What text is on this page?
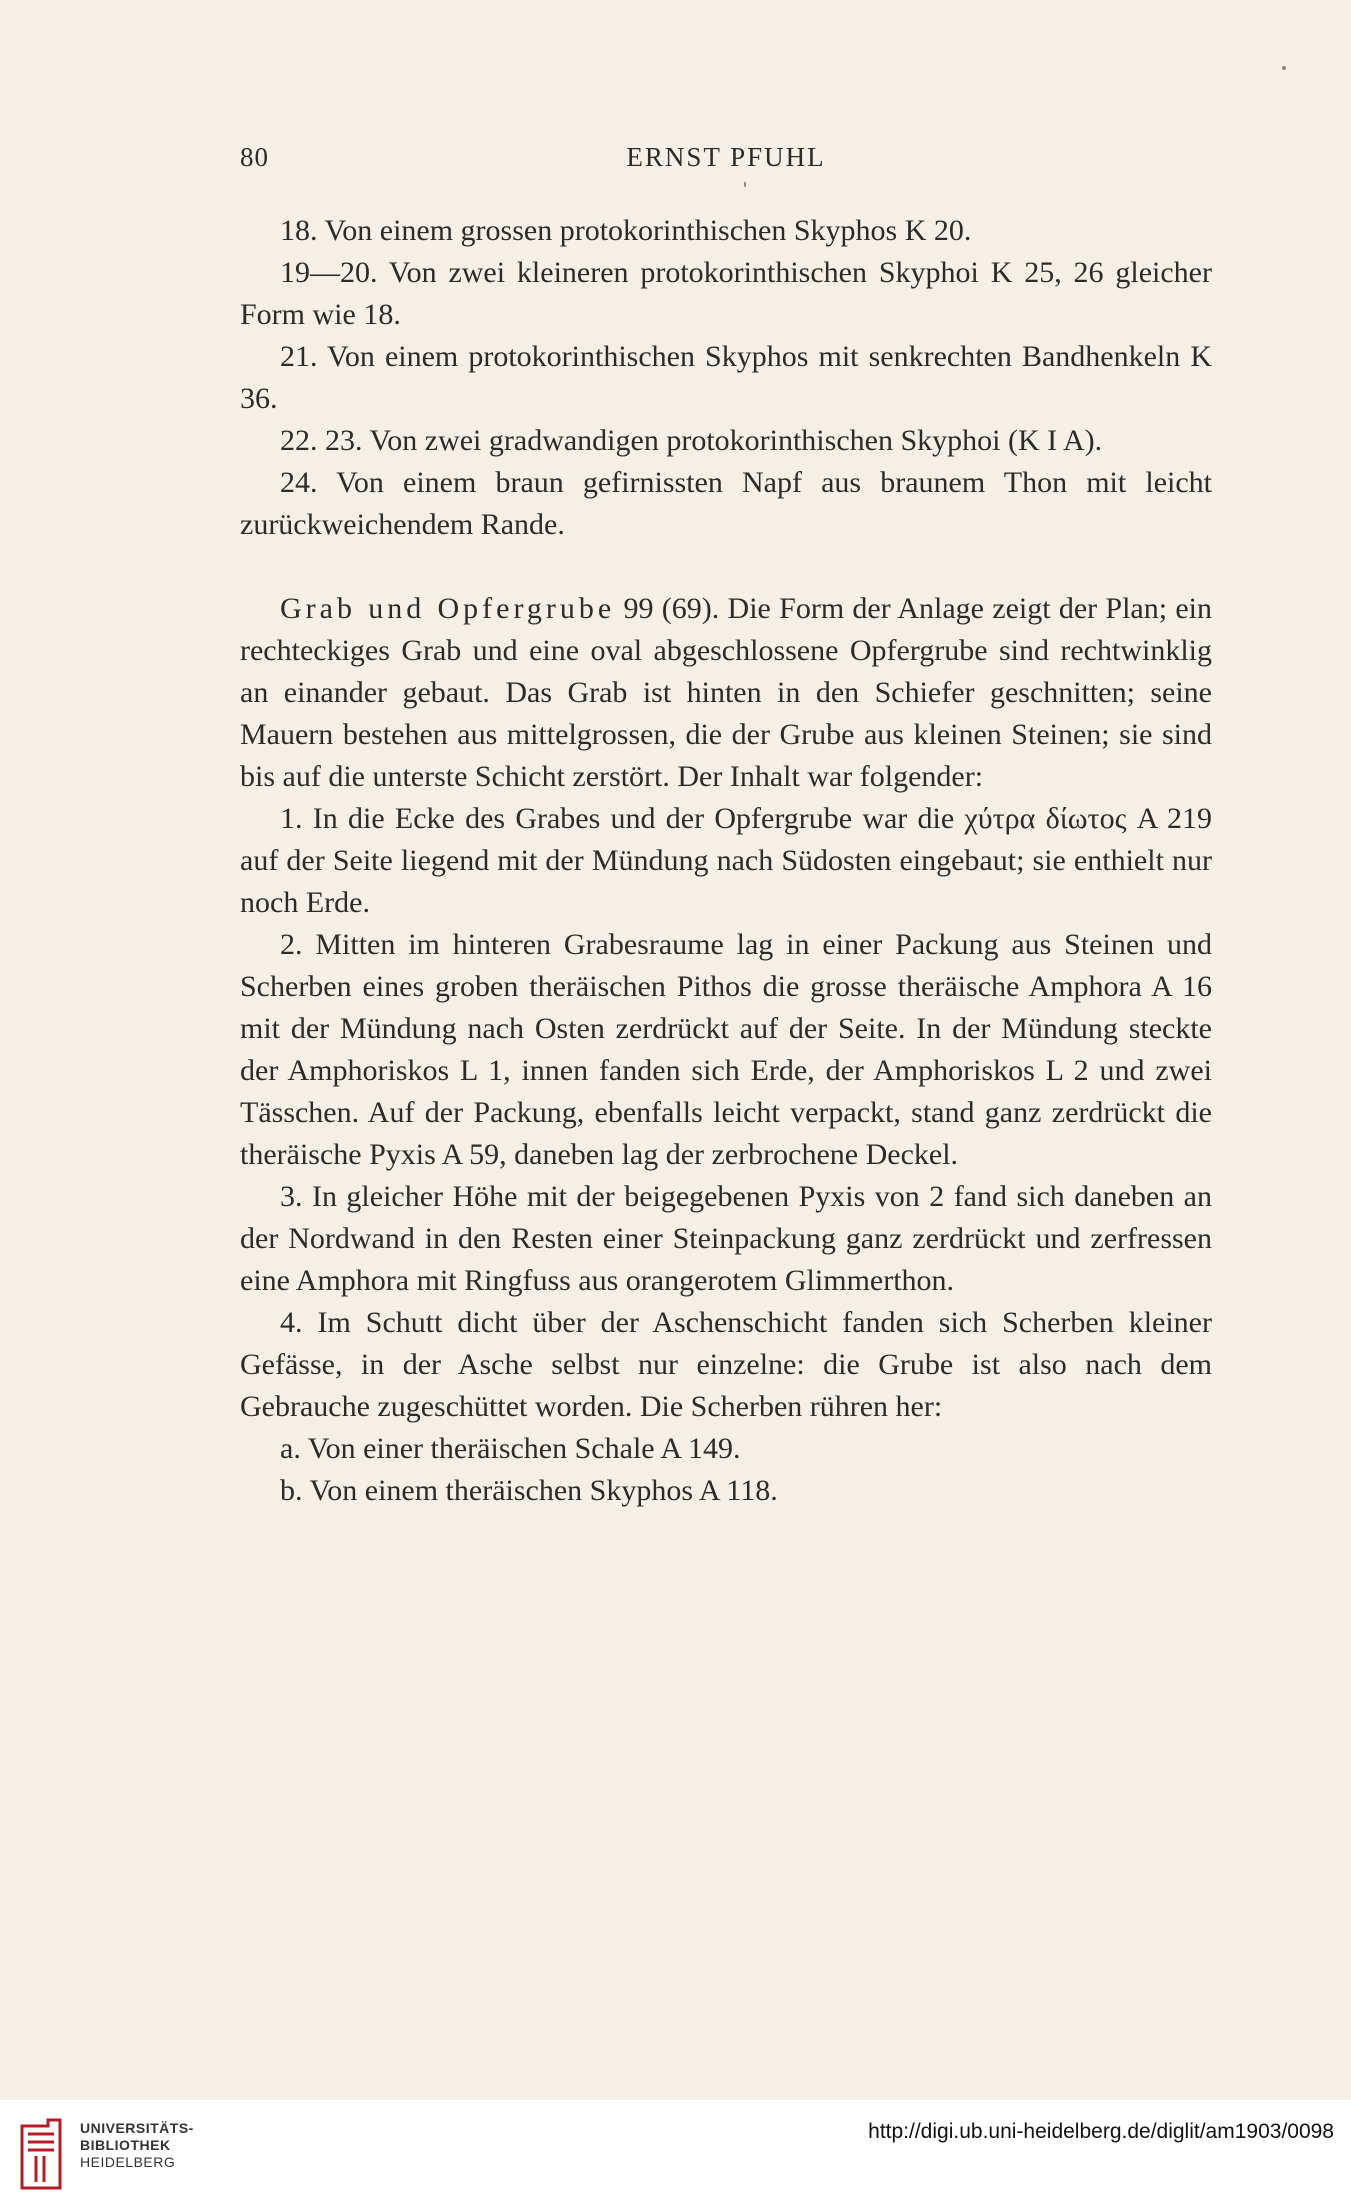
80	ERNST PFUHL

18. Von einem grossen protokorinthischen Skyphos K 20.

19—20. Von zwei kleineren protokorinthischen Skyphoi K 25, 26 gleicher Form wie 18.

21. Von einem protokorinthischen Skyphos mit senkrechten Bandhenkeln K 36.

22. 23. Von zwei gradwandigen protokorinthischen Skyphoi (K I A).

24. Von einem braun gefirnissten Napf aus braunem Thon mit leicht zurückweichendem Rande.

Grab und Opfergrube 99 (69). Die Form der Anlage zeigt der Plan; ein rechteckiges Grab und eine oval abgeschlossene Opfergrube sind rechtwinklig an einander gebaut. Das Grab ist hinten in den Schiefer geschnitten; seine Mauern bestehen aus mittelgrossen, die der Grube aus kleinen Steinen; sie sind bis auf die unterste Schicht zerstört. Der Inhalt war folgender:

1. In die Ecke des Grabes und der Opfergrube war die χύτρα δίωτος A 219 auf der Seite liegend mit der Mündung nach Südosten eingebaut; sie enthielt nur noch Erde.

2. Mitten im hinteren Grabesraume lag in einer Packung aus Steinen und Scherben eines groben theräischen Pithos die grosse theräische Amphora A 16 mit der Mündung nach Osten zerdrückt auf der Seite. In der Mündung steckte der Amphoriskos L 1, innen fanden sich Erde, der Amphoriskos L 2 und zwei Tässchen. Auf der Packung, ebenfalls leicht verpackt, stand ganz zerdrückt die theräische Pyxis A 59, daneben lag der zerbrochene Deckel.

3. In gleicher Höhe mit der beigegebenen Pyxis von 2 fand sich daneben an der Nordwand in den Resten einer Steinpackung ganz zerdrückt und zerfressen eine Amphora mit Ringfuss aus orangerotem Glimmerthon.

4. Im Schutt dicht über der Aschenschicht fanden sich Scherben kleiner Gefässe, in der Asche selbst nur einzelne: die Grube ist also nach dem Gebrauche zugeschüttet worden. Die Scherben rühren her:

a. Von einer theräischen Schale A 149.

b. Von einem theräischen Skyphos A 118.

UNIVERSITÄTS-
BIBLIOTHEK
HEIDELBERG
http://digi.ub.uni-heidelberg.de/diglit/am1903/0098
